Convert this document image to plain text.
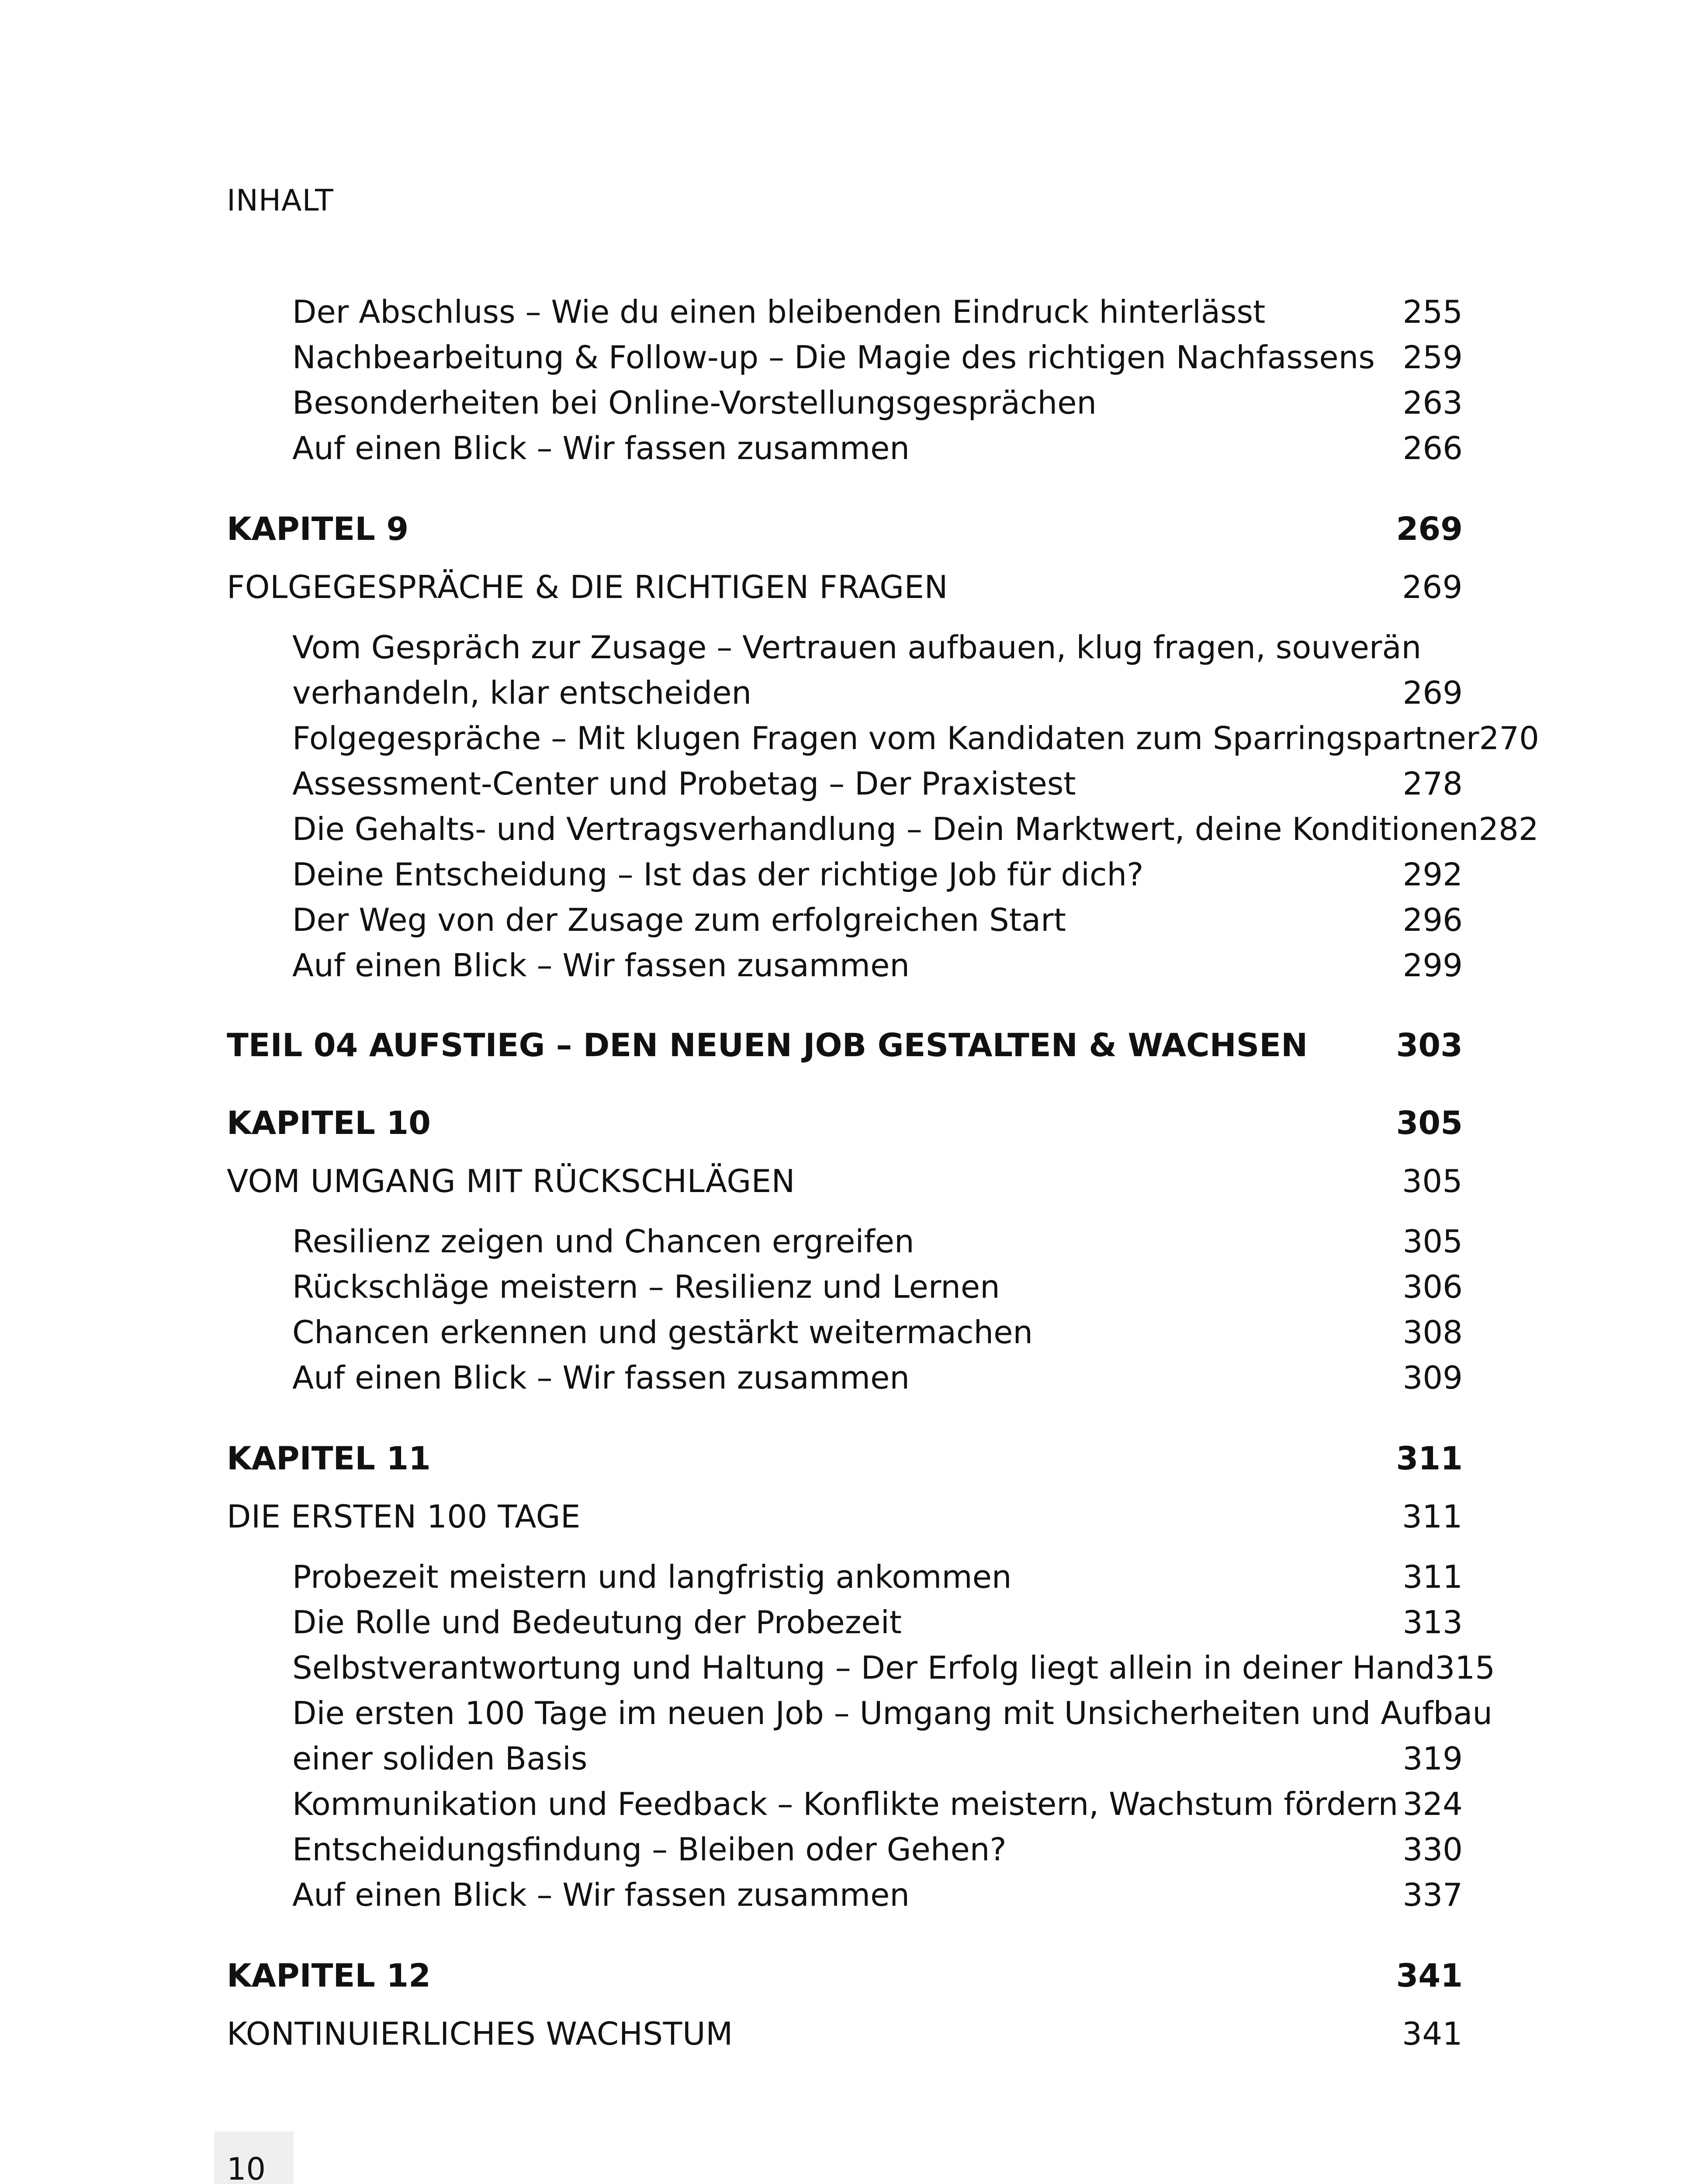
INHALT
Der Abschluss – Wie du einen bleibenden Eindruck hinterlässt	255
Nachbearbeitung & Follow-up – Die Magie des richtigen Nachfassens 259
Besonderheiten bei Online-Vorstellungsgesprächen	263
Auf einen Blick – Wir fassen zusammen	266
KAPITEL 9	269
FOLGEGESPRÄCHE & DIE RICHTIGEN FRAGEN	269
Vom Gespräch zur Zusage – Vertrauen aufbauen, klug fragen, souverän
verhandeln, klar entscheiden	269
Folgegespräche – Mit klugen Fragen vom Kandidaten zum Sparringspartner 270
Assessment-Center und Probetag – Der Praxistest	278
Die Gehalts- und Vertragsverhandlung – Dein Marktwert, deine Konditionen 282
Deine Entscheidung – Ist das der richtige Job für dich?	292
Der Weg von der Zusage zum erfolgreichen Start	296
Auf einen Blick – Wir fassen zusammen	299
TEIL 04 AUFSTIEG – DEN NEUEN JOB GESTALTEN & WACHSEN	303
KAPITEL 10	305
VOM UMGANG MIT RÜCKSCHLÄGEN	305
Resilienz zeigen und Chancen ergreifen	305
Rückschläge meistern – Resilienz und Lernen	306
Chancen erkennen und gestärkt weitermachen	308
Auf einen Blick – Wir fassen zusammen	309
KAPITEL 11	311
DIE ERSTEN 100 TAGE	311
Probezeit meistern und langfristig ankommen	311
Die Rolle und Bedeutung der Probezeit	313
Selbstverantwortung und Haltung – Der Erfolg liegt allein in deiner Hand 315
Die ersten 100 Tage im neuen Job – Umgang mit Unsicherheiten und Aufbau
einer soliden Basis	319
Kommunikation und Feedback – Konflikte meistern, Wachstum fördern 324
Entscheidungsfindung – Bleiben oder Gehen?	330
Auf einen Blick – Wir fassen zusammen	337
KAPITEL 12	341
KONTINUIERLICHES WACHSTUM	341
10
